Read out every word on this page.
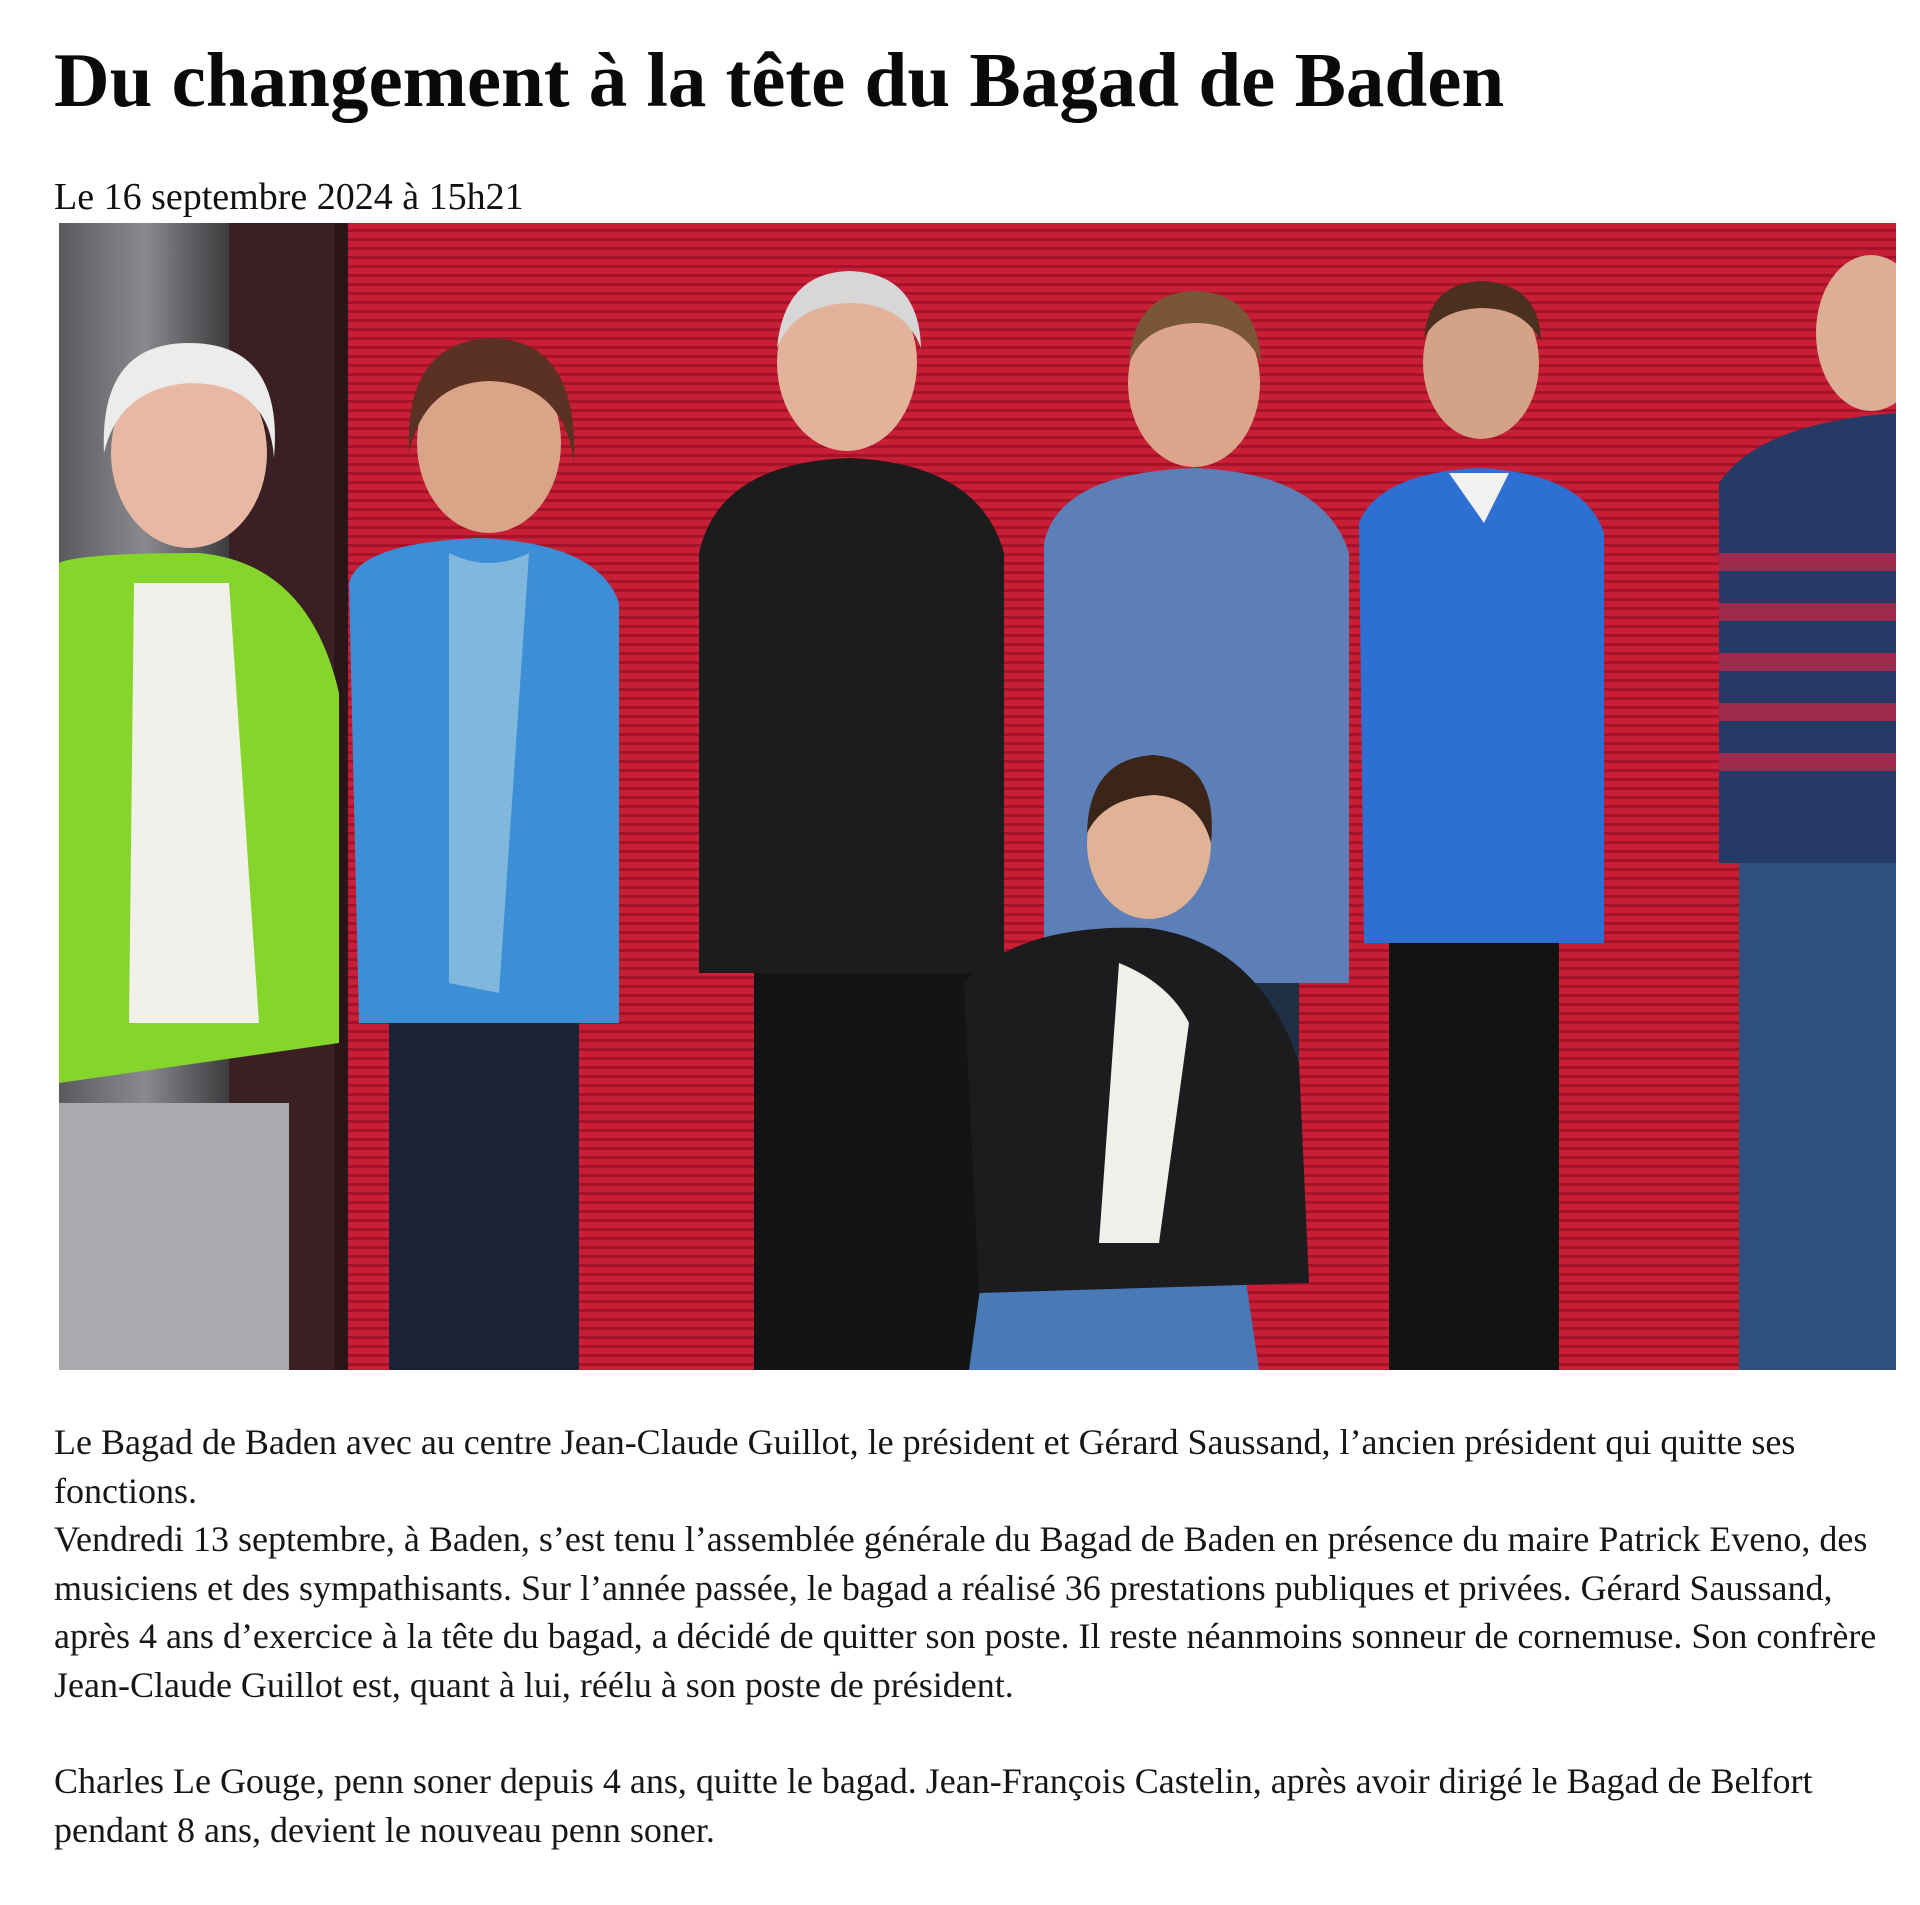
Du changement à la tête du Bagad de Baden
Le 16 septembre 2024 à 15h21

Le Bagad de Baden avec au centre Jean-Claude Guillot, le président et Gérard Saussand, l’ancien président qui quitte ses fonctions.

Vendredi 13 septembre, à Baden, s’est tenu l’assemblée générale du Bagad de Baden en présence du maire Patrick Eveno, des musiciens et des sympathisants. Sur l’année passée, le bagad a réalisé 36 prestations publiques et privées. Gérard Saussand, après 4 ans d’exercice à la tête du bagad, a décidé de quitter son poste. Il reste néanmoins sonneur de cornemuse. Son confrère Jean-Claude Guillot est, quant à lui, réélu à son poste de président.

Charles Le Gouge, penn soner depuis 4 ans, quitte le bagad. Jean-François Castelin, après avoir dirigé le Bagad de Belfort pendant 8 ans, devient le nouveau penn soner.
